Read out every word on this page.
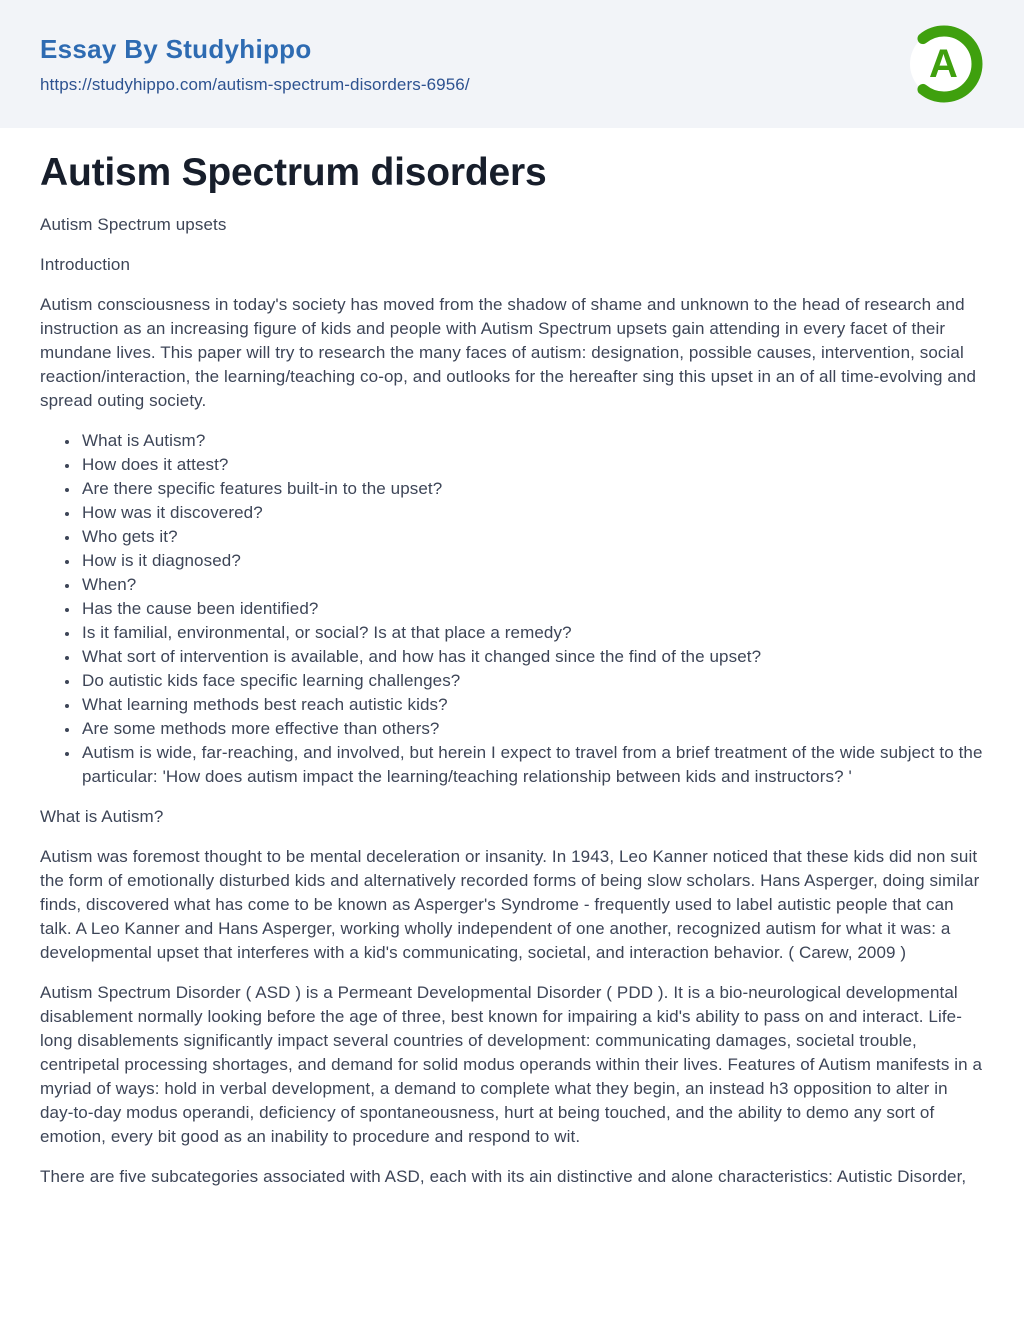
Essay By Studyhippo
https://studyhippo.com/autism-spectrum-disorders-6956/	A
Autism Spectrum disorders

Autism Spectrum upsets

Introduction

Autism consciousness in today's society has moved from the shadow of shame and unknown to the head of research and instruction as an increasing figure of kids and people with Autism Spectrum upsets gain attending in every facet of their mundane lives. This paper will try to research the many faces of autism: designation, possible causes, intervention, social reaction/interaction, the learning/teaching co-op, and outlooks for the hereafter sing this upset in an of all time-evolving and spread outing society.

• What is Autism?
• How does it attest?
• Are there specific features built-in to the upset?
• How was it discovered?
• Who gets it?
• How is it diagnosed?
• When?
• Has the cause been identified?
• Is it familial, environmental, or social? Is at that place a remedy?
• What sort of intervention is available, and how has it changed since the find of the upset?
• Do autistic kids face specific learning challenges?
• What learning methods best reach autistic kids?
• Are some methods more effective than others?
• Autism is wide, far-reaching, and involved, but herein I expect to travel from a brief treatment of the wide subject to the particular: 'How does autism impact the learning/teaching relationship between kids and instructors? '

What is Autism?

Autism was foremost thought to be mental deceleration or insanity. In 1943, Leo Kanner noticed that these kids did non suit the form of emotionally disturbed kids and alternatively recorded forms of being slow scholars. Hans Asperger, doing similar finds, discovered what has come to be known as Asperger's Syndrome - frequently used to label autistic people that can talk. A Leo Kanner and Hans Asperger, working wholly independent of one another, recognized autism for what it was: a developmental upset that interferes with a kid's communicating, societal, and interaction behavior. ( Carew, 2009 )

Autism Spectrum Disorder ( ASD ) is a Permeant Developmental Disorder ( PDD ). It is a bio-neurological developmental disablement normally looking before the age of three, best known for impairing a kid's ability to pass on and interact. Life-long disablements significantly impact several countries of development: communicating damages, societal trouble, centripetal processing shortages, and demand for solid modus operands within their lives. Features of Autism manifests in a myriad of ways: hold in verbal development, a demand to complete what they begin, an instead h3 opposition to alter in day-to-day modus operandi, deficiency of spontaneousness, hurt at being touched, and the ability to demo any sort of emotion, every bit good as an inability to procedure and respond to wit.

There are five subcategories associated with ASD, each with its ain distinctive and alone characteristics: Autistic Disorder,
